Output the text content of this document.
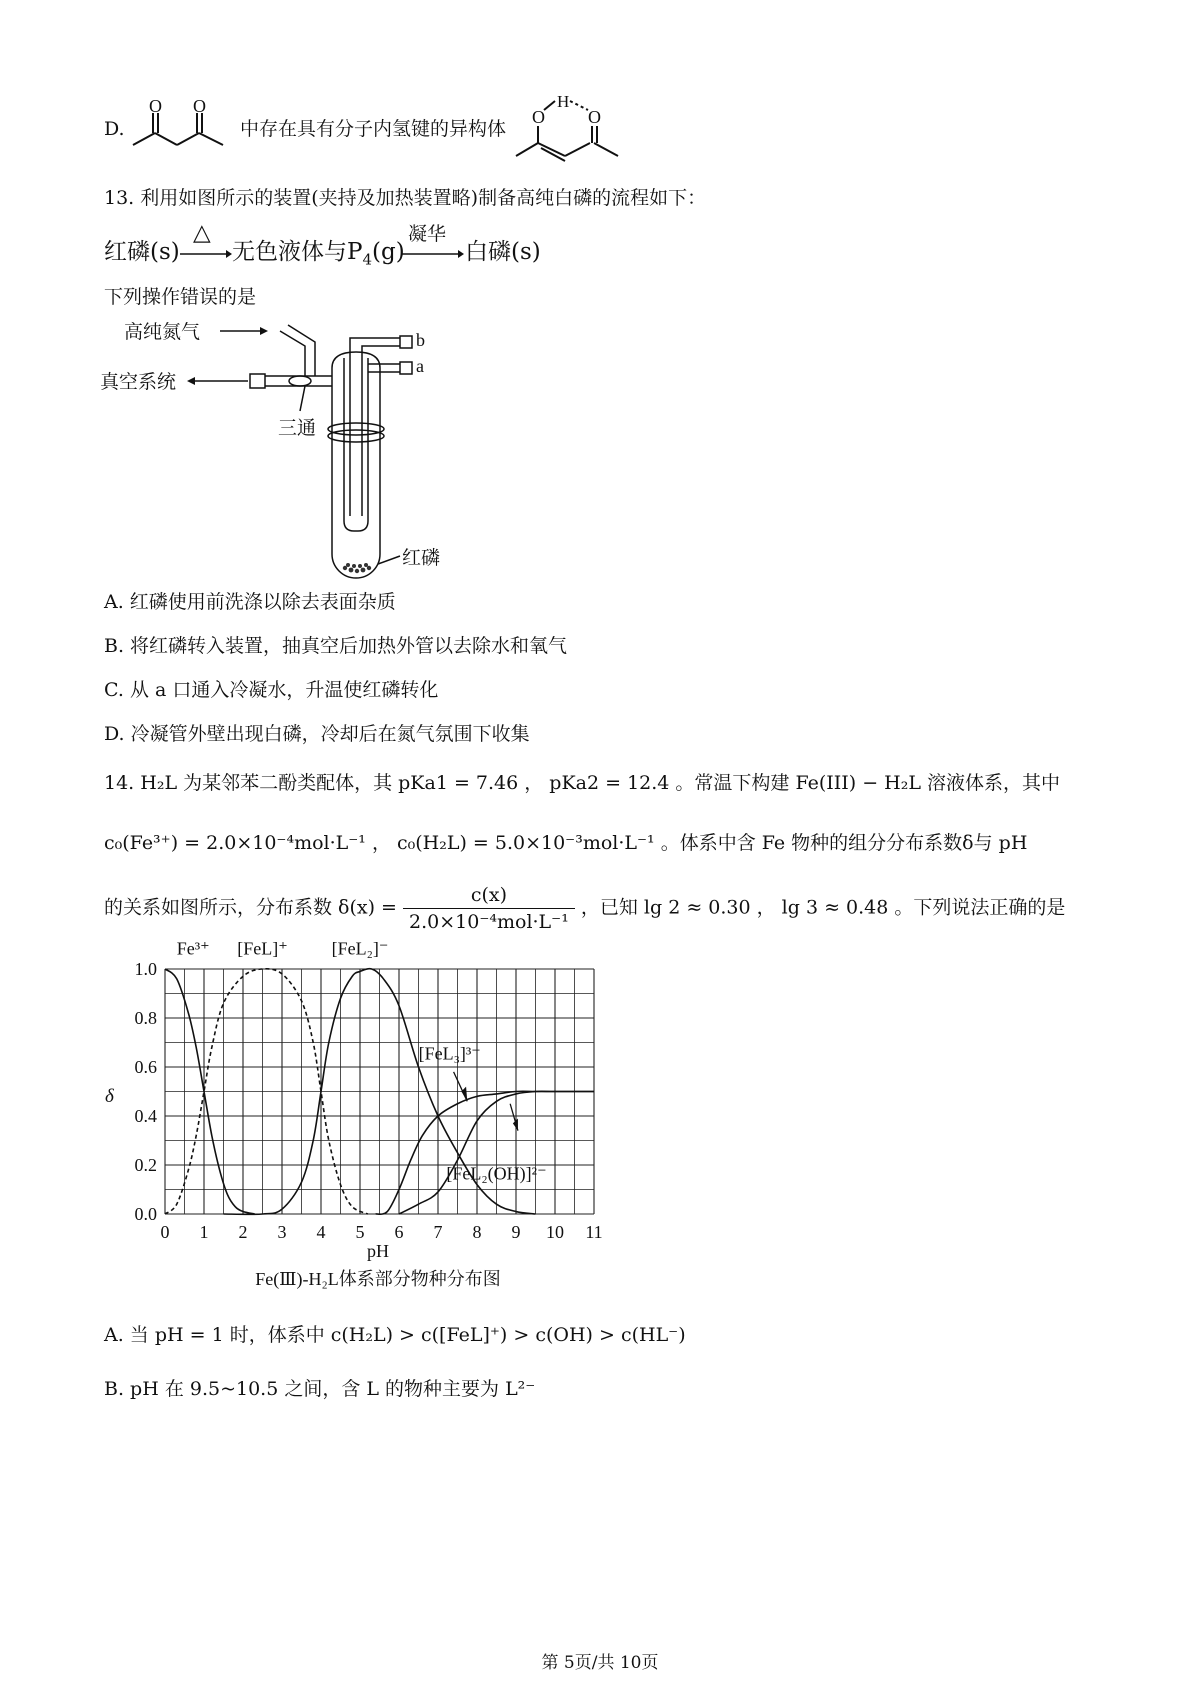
D.
O O
中存在具有分子内氢键的异构体
H
O O
13. 利用如图所示的装置(夹持及加热装置略)制备高纯白磷的流程如下：
红磷(s)
△
无色液体与$P_4(g)$
凝华
白磷(s)
下列操作错误的是
高纯氮气
真空系统
三通
b
a
红磷
A. 红磷使用前洗涤以除去表面杂质
B. 将红磷转入装置，抽真空后加热外管以去除水和氧气
C. 从 a 口通入冷凝水，升温使红磷转化
D. 冷凝管外壁出现白磷，冷却后在氮气氛围下收集
14. H₂L 为某邻苯二酚类配体，其 pKa1 = 7.46 ， pKa2 = 12.4 。常温下构建 Fe(III) − H₂L 溶液体系，其中
c₀(Fe³⁺) = 2.0×10⁻⁴mol·L⁻¹ ， c₀(H₂L) = 5.0×10⁻³mol·L⁻¹ 。体系中含 Fe 物种的组分分布系数δ与 pH
的关系如图所示，分布系数 $\delta(x) = \frac{c(x)}{\text{2.0×10⁻⁴mol·L⁻¹}}$ ，已知 lg 2 ≈ 0.30 ， lg 3 ≈ 0.48 。下列说法正确的是
0 1 2 3 4 5 6 7 8 9 10 11
0.0
0.2
0.4
0.6
0.8
1.0
Fe³⁺ [FeL]⁺ [FeL₂]⁻
[FeL₃]³⁻
[FeL₂(OH)]²⁻
pH
δ
Fe(Ⅲ)-H₂L体系部分物种分布图
A. 当 pH = 1 时，体系中 c(H₂L) > c([FeL]⁺) > c(OH) > c(HL⁻)
B. pH 在 9.5~10.5 之间，含 L 的物种主要为 L²⁻
第 5页/共 10页
